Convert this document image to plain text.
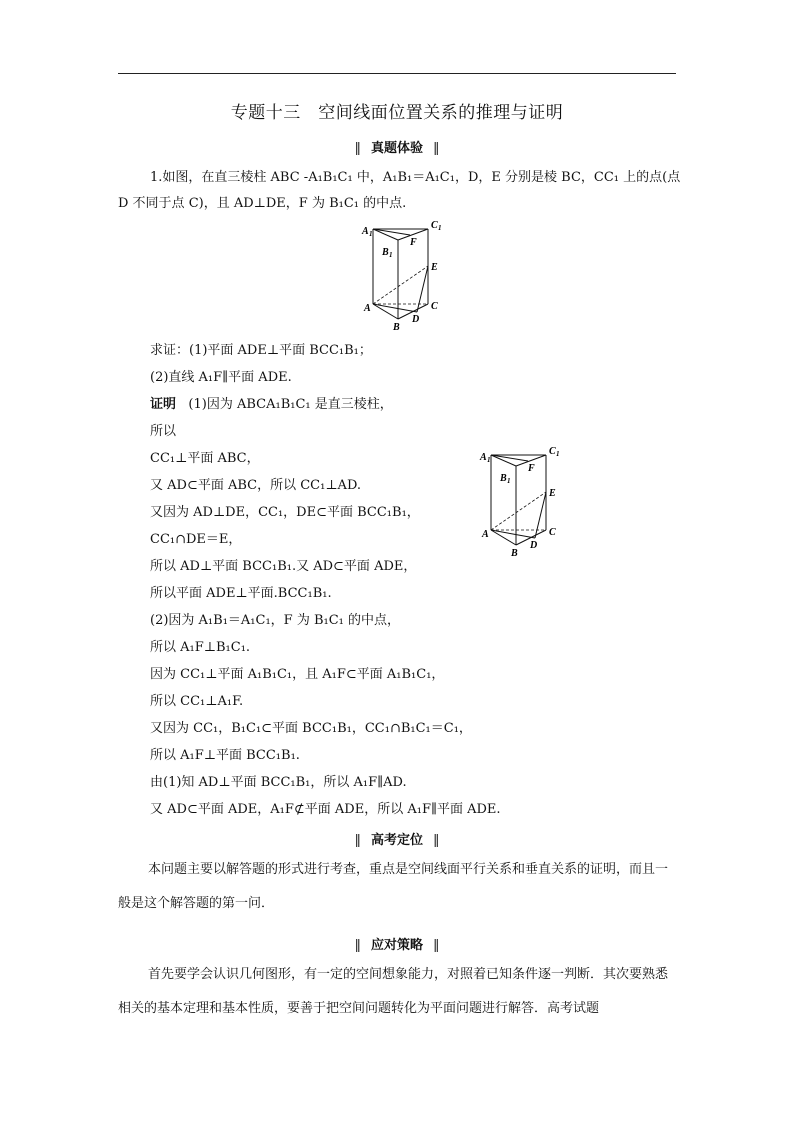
专题十三　空间线面位置关系的推理与证明
‖ 真题体验 ‖
1.如图，在直三棱柱 ABC -A₁B₁C₁ 中，A₁B₁＝A₁C₁，D，E 分别是棱 BC，CC₁ 上的点(点
D 不同于点 C)，且 AD⊥DE，F 为 B₁C₁ 的中点.
A 1
B 1
C 1
F
E
A
B
C
D
求证：(1)平面 ADE⊥平面 BCC₁B₁；
(2)直线 A₁F∥平面 ADE.
证明 (1)因为 ABCA₁B₁C₁ 是直三棱柱，
所以
CC₁⊥平面 ABC，
又 AD⊂平面 ABC，所以 CC₁⊥AD.
又因为 AD⊥DE，CC₁，DE⊂平面 BCC₁B₁，
CC₁∩DE＝E，
所以 AD⊥平面 BCC₁B₁.又 AD⊂平面 ADE，
所以平面 ADE⊥平面.BCC₁B₁.
(2)因为 A₁B₁＝A₁C₁，F 为 B₁C₁ 的中点，
所以 A₁F⊥B₁C₁.
因为 CC₁⊥平面 A₁B₁C₁，且 A₁F⊂平面 A₁B₁C₁，
所以 CC₁⊥A₁F.
又因为 CC₁，B₁C₁⊂平面 BCC₁B₁，CC₁∩B₁C₁＝C₁，
所以 A₁F⊥平面 BCC₁B₁.
由(1)知 AD⊥平面 BCC₁B₁，所以 A₁F∥AD.
又 AD⊂平面 ADE，A₁F⊄平面 ADE，所以 A₁F∥平面 ADE.
A 1
B 1
C 1
F
E
A
B
C
D
‖ 高考定位 ‖
本问题主要以解答题的形式进行考查，重点是空间线面平行关系和垂直关系的证明，而且一般是这个解答题的第一问．
‖ 应对策略 ‖
首先要学会认识几何图形，有一定的空间想象能力，对照着已知条件逐一判断．其次要熟悉相关的基本定理和基本性质，要善于把空间问题转化为平面问题进行解答．高考试题
